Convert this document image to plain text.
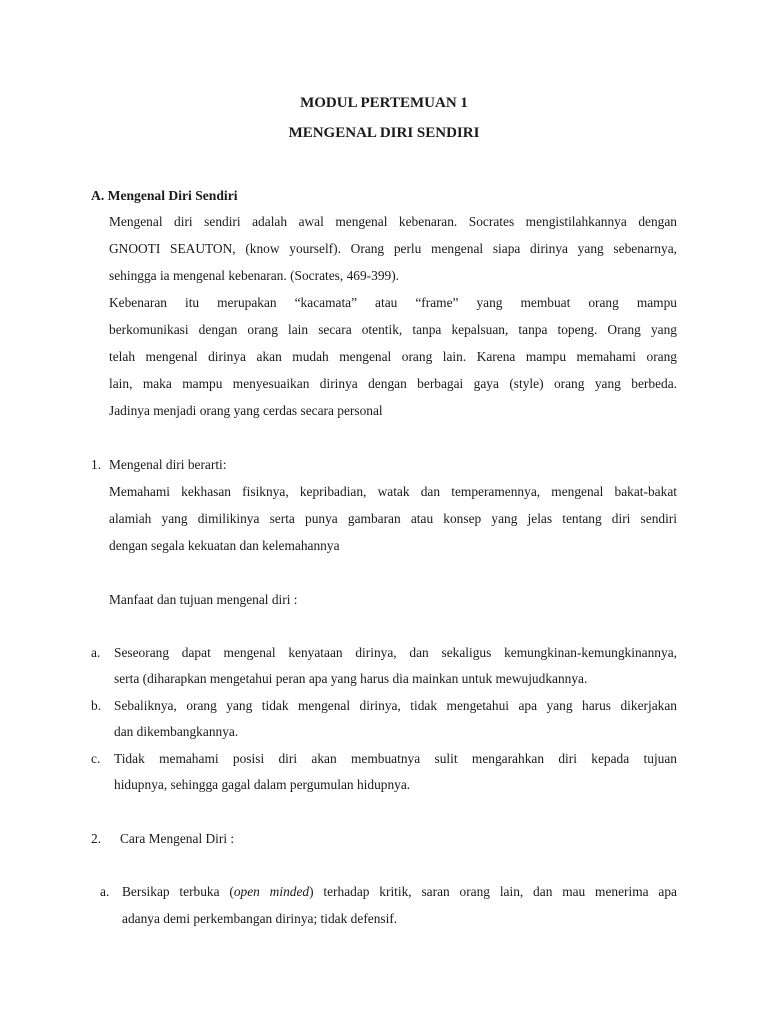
MODUL PERTEMUAN 1
MENGENAL DIRI SENDIRI
A. Mengenal Diri Sendiri
Mengenal diri sendiri adalah awal mengenal kebenaran. Socrates mengistilahkannya dengan
GNOOTI SEAUTON, (know yourself). Orang perlu mengenal siapa dirinya yang sebenarnya,
sehingga ia mengenal kebenaran. (Socrates, 469-399).
Kebenaran itu merupakan “kacamata” atau “frame” yang membuat orang mampu
berkomunikasi dengan orang lain secara otentik, tanpa kepalsuan, tanpa topeng. Orang yang
telah mengenal dirinya akan mudah mengenal orang lain. Karena mampu memahami orang
lain, maka mampu menyesuaikan dirinya dengan berbagai gaya (style) orang yang berbeda.
Jadinya menjadi orang yang cerdas secara personal
1. Mengenal diri berarti:
Memahami kekhasan fisiknya, kepribadian, watak dan temperamennya, mengenal bakat-bakat
alamiah yang dimilikinya serta punya gambaran atau konsep yang jelas tentang diri sendiri
dengan segala kekuatan dan kelemahannya
Manfaat dan tujuan mengenal diri :
a. Seseorang dapat mengenal kenyataan dirinya, dan sekaligus kemungkinan-kemungkinannya,
serta (diharapkan mengetahui peran apa yang harus dia mainkan untuk mewujudkannya.
b. Sebaliknya, orang yang tidak mengenal dirinya, tidak mengetahui apa yang harus dikerjakan
dan dikembangkannya.
c. Tidak memahami posisi diri akan membuatnya sulit mengarahkan diri kepada tujuan
hidupnya, sehingga gagal dalam pergumulan hidupnya.
2. Cara Mengenal Diri :
a. Bersikap terbuka (open minded) terhadap kritik, saran orang lain, dan mau menerima apa
adanya demi perkembangan dirinya; tidak defensif.
